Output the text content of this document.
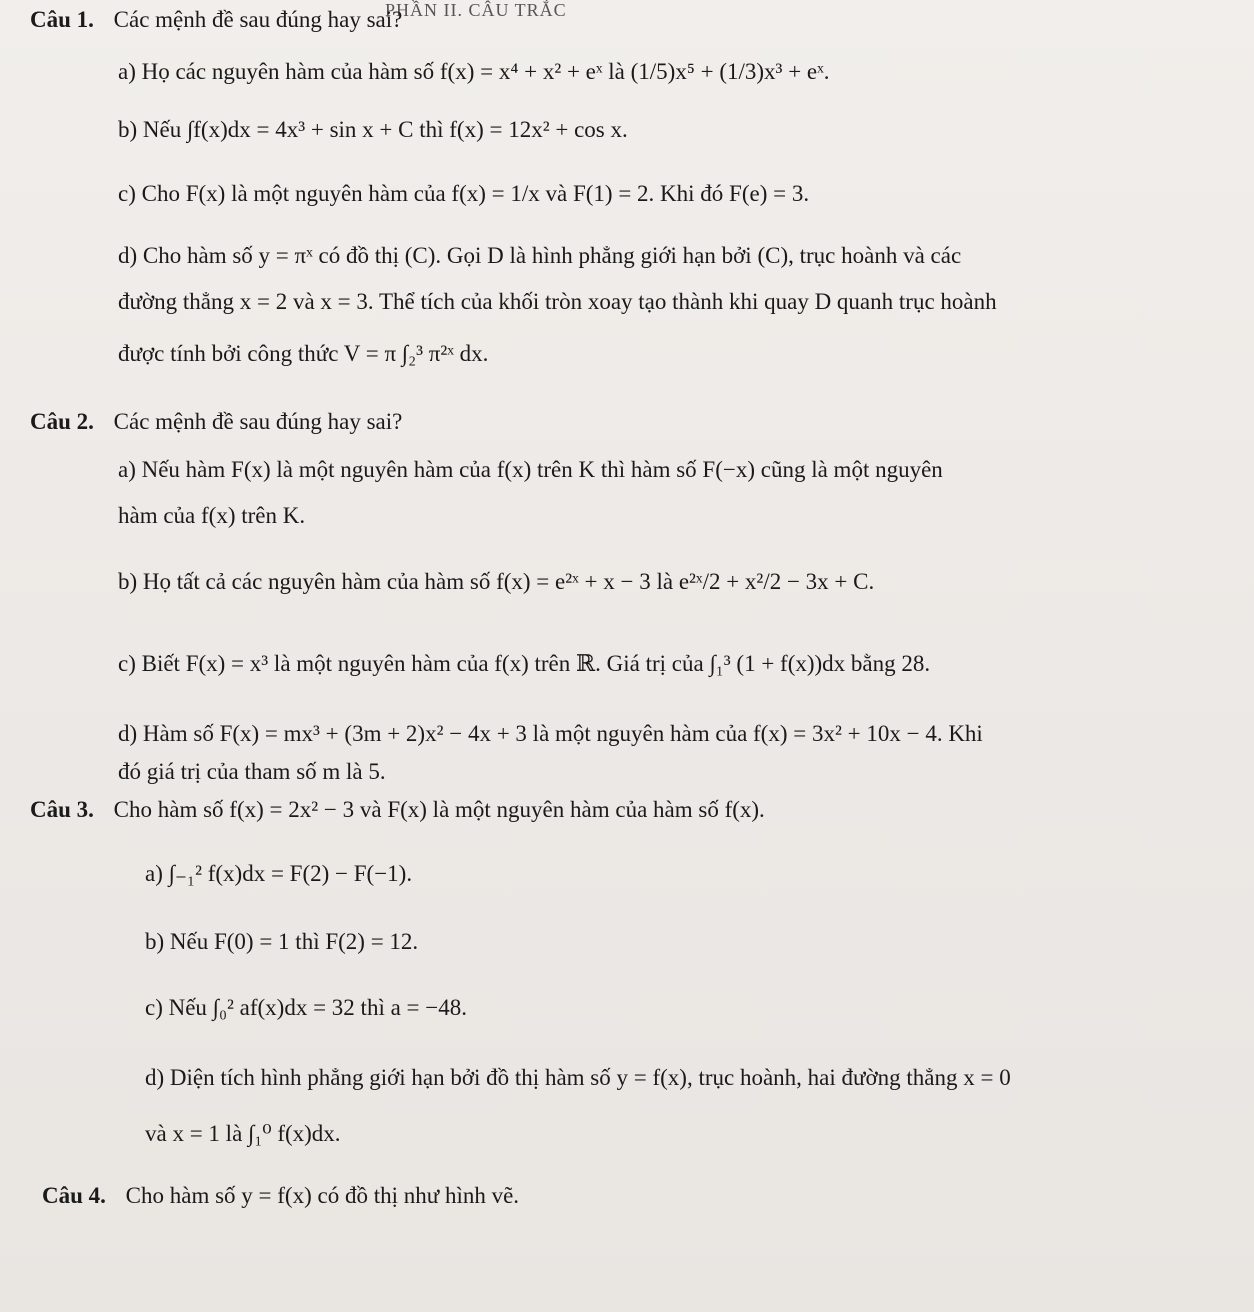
PHẦN II. CÂU TRẮC
Câu 1. Các mệnh đề sau đúng hay sai?
a) Họ các nguyên hàm của hàm số f(x) = x⁴ + x² + eˣ là (1/5)x⁵ + (1/3)x³ + eˣ.
b) Nếu ∫f(x)dx = 4x³ + sin x + C thì f(x) = 12x² + cos x.
c) Cho F(x) là một nguyên hàm của f(x) = 1/x và F(1) = 2. Khi đó F(e) = 3.
d) Cho hàm số y = πˣ có đồ thị (C). Gọi D là hình phẳng giới hạn bởi (C), trục hoành và các
đường thẳng x = 2 và x = 3. Thể tích của khối tròn xoay tạo thành khi quay D quanh trục hoành
được tính bởi công thức V = π ∫₂³ π²ˣ dx.
Câu 2. Các mệnh đề sau đúng hay sai?
a) Nếu hàm F(x) là một nguyên hàm của f(x) trên K thì hàm số F(−x) cũng là một nguyên
hàm của f(x) trên K.
b) Họ tất cả các nguyên hàm của hàm số f(x) = e²ˣ + x − 3 là e²ˣ/2 + x²/2 − 3x + C.
c) Biết F(x) = x³ là một nguyên hàm của f(x) trên ℝ. Giá trị của ∫₁³ (1 + f(x))dx bằng 28.
d) Hàm số F(x) = mx³ + (3m + 2)x² − 4x + 3 là một nguyên hàm của f(x) = 3x² + 10x − 4. Khi
đó giá trị của tham số m là 5.
Câu 3. Cho hàm số f(x) = 2x² − 3 và F(x) là một nguyên hàm của hàm số f(x).
a) ∫₋₁² f(x)dx = F(2) − F(−1).
b) Nếu F(0) = 1 thì F(2) = 12.
c) Nếu ∫₀² af(x)dx = 32 thì a = −48.
d) Diện tích hình phẳng giới hạn bởi đồ thị hàm số y = f(x), trục hoành, hai đường thẳng x = 0
và x = 1 là ∫₁⁰ f(x)dx.
Câu 4. Cho hàm số y = f(x) có đồ thị như hình vẽ.
